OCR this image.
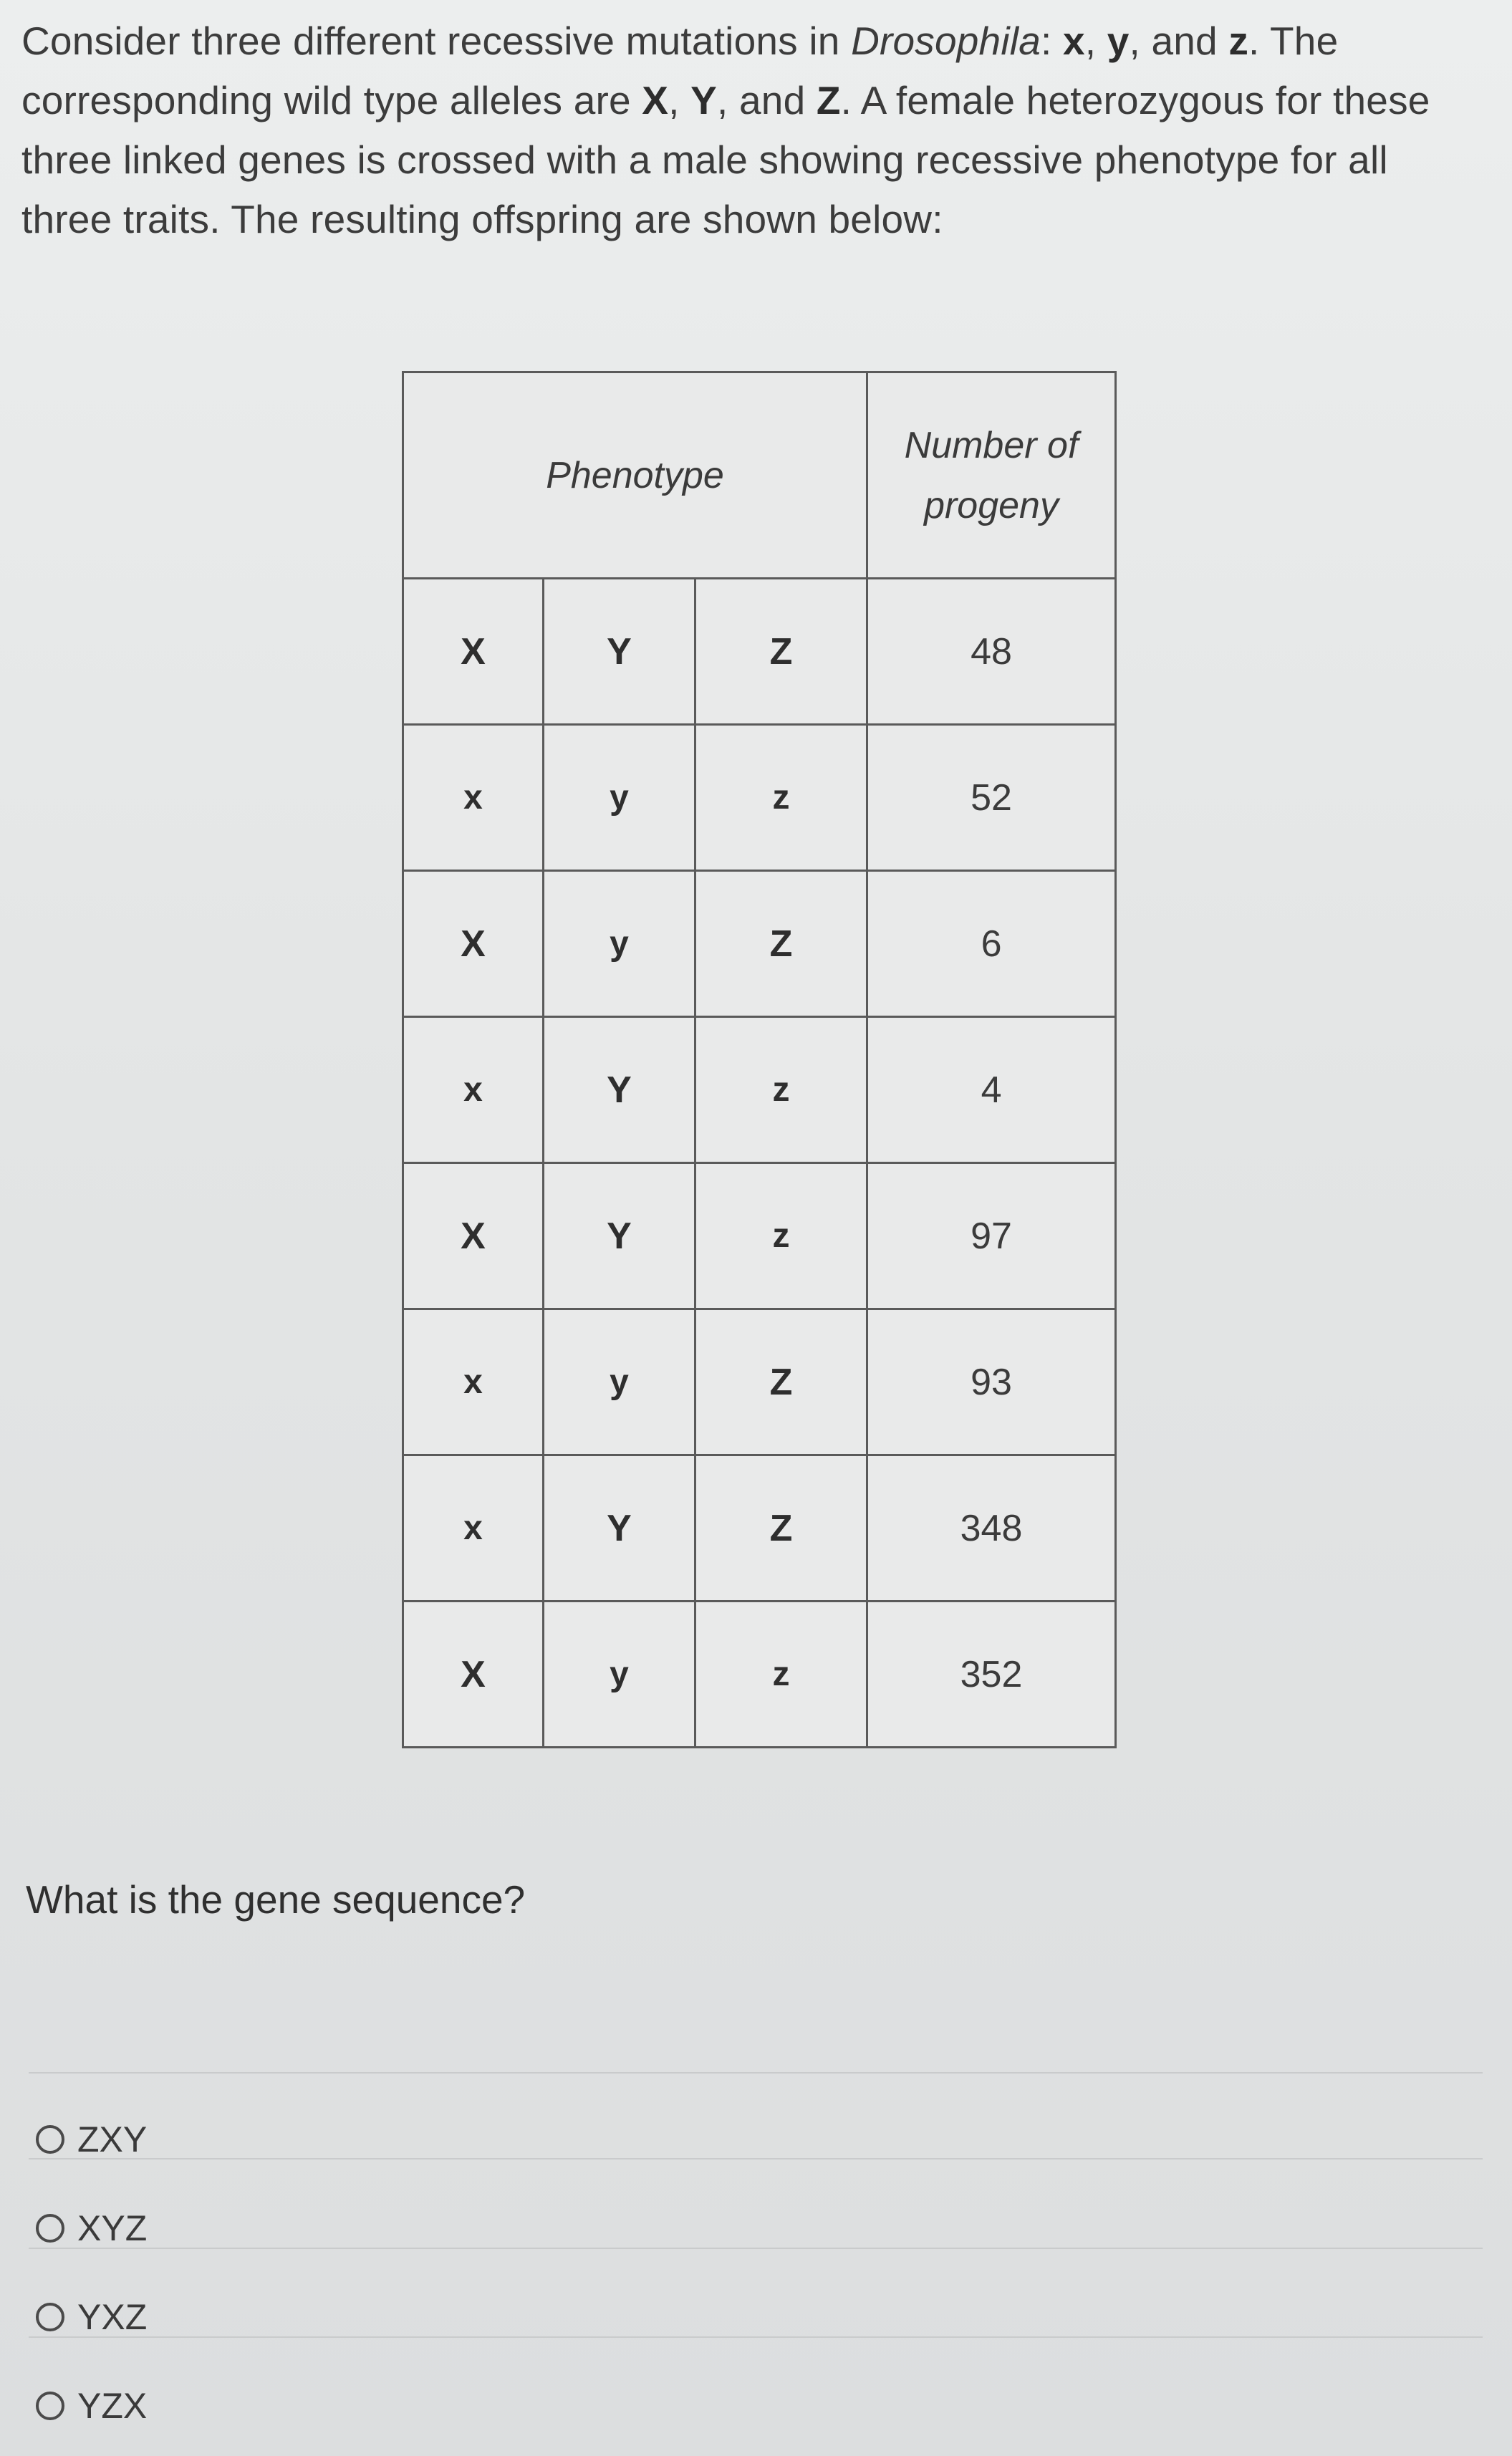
Consider three different recessive mutations in Drosophila: x, y, and z. The corresponding wild type alleles are X, Y, and Z. A female heterozygous for these three linked genes is crossed with a male showing recessive phenotype for all three traits. The resulting offspring are shown below:
Phenotype			Number of progeny
X	Y	Z	48
x	y	z	52
X	y	Z	6
x	Y	z	4
X	Y	z	97
x	y	Z	93
x	Y	Z	348
X	y	z	352
What is the gene sequence?
ZXY
XYZ
YXZ
YZX
